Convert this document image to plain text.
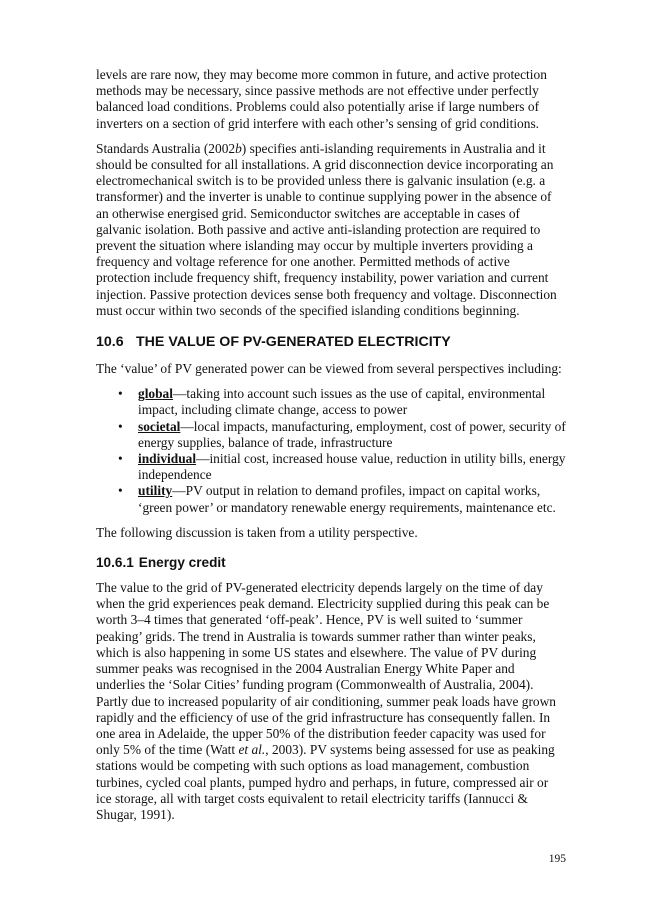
levels are rare now, they may become more common in future, and active protection methods may be necessary, since passive methods are not effective under perfectly balanced load conditions. Problems could also potentially arise if large numbers of inverters on a section of grid interfere with each other’s sensing of grid conditions.

Standards Australia (2002b) specifies anti-islanding requirements in Australia and it should be consulted for all installations. A grid disconnection device incorporating an electromechanical switch is to be provided unless there is galvanic insulation (e.g. a transformer) and the inverter is unable to continue supplying power in the absence of an otherwise energised grid. Semiconductor switches are acceptable in cases of galvanic isolation. Both passive and active anti-islanding protection are required to prevent the situation where islanding may occur by multiple inverters providing a frequency and voltage reference for one another. Permitted methods of active protection include frequency shift, frequency instability, power variation and current injection. Passive protection devices sense both frequency and voltage. Disconnection must occur within two seconds of the specified islanding conditions beginning.

10.6 THE VALUE OF PV-GENERATED ELECTRICITY

The ‘value’ of PV generated power can be viewed from several perspectives including:

• global—taking into account such issues as the use of capital, environmental impact, including climate change, access to power
• societal—local impacts, manufacturing, employment, cost of power, security of energy supplies, balance of trade, infrastructure
• individual—initial cost, increased house value, reduction in utility bills, energy independence
• utility—PV output in relation to demand profiles, impact on capital works, ‘green power’ or mandatory renewable energy requirements, maintenance etc.

The following discussion is taken from a utility perspective.

10.6.1 Energy credit

The value to the grid of PV-generated electricity depends largely on the time of day when the grid experiences peak demand. Electricity supplied during this peak can be worth 3–4 times that generated ‘off-peak’. Hence, PV is well suited to ‘summer peaking’ grids. The trend in Australia is towards summer rather than winter peaks, which is also happening in some US states and elsewhere. The value of PV during summer peaks was recognised in the 2004 Australian Energy White Paper and underlies the ‘Solar Cities’ funding program (Commonwealth of Australia, 2004). Partly due to increased popularity of air conditioning, summer peak loads have grown rapidly and the efficiency of use of the grid infrastructure has consequently fallen. In one area in Adelaide, the upper 50% of the distribution feeder capacity was used for only 5% of the time (Watt et al., 2003). PV systems being assessed for use as peaking stations would be competing with such options as load management, combustion turbines, cycled coal plants, pumped hydro and perhaps, in future, compressed air or ice storage, all with target costs equivalent to retail electricity tariffs (Iannucci & Shugar, 1991).

195
